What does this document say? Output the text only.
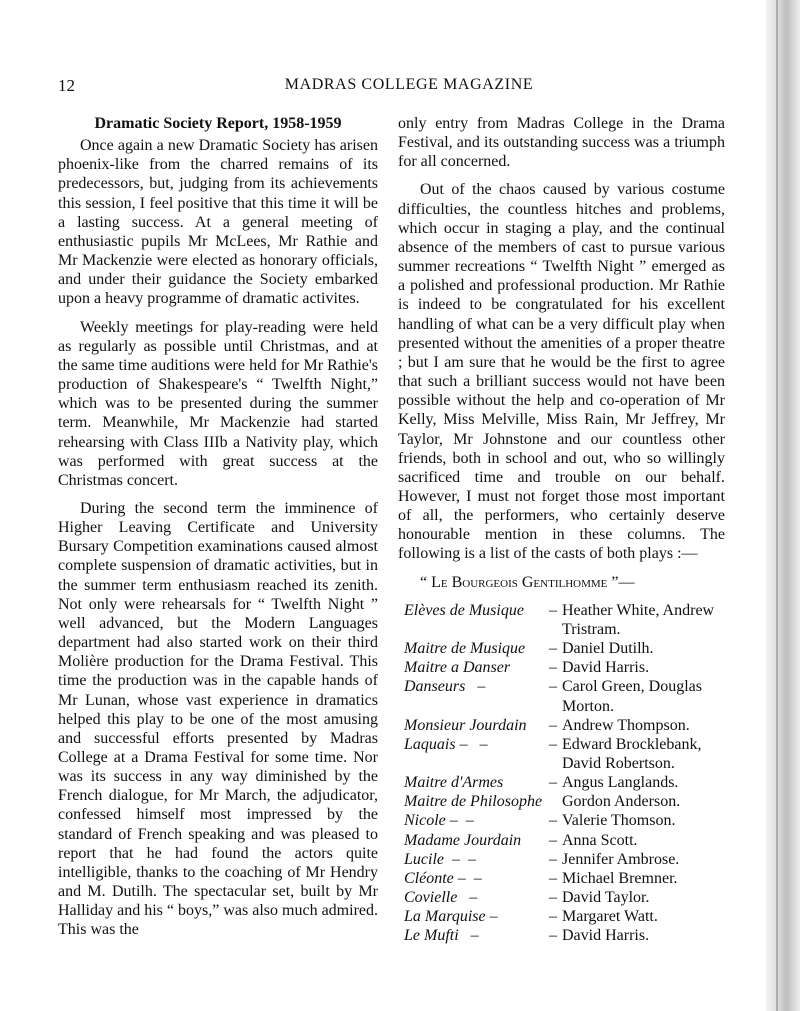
12	MADRAS COLLEGE MAGAZINE
Dramatic Society Report, 1958-1959

Once again a new Dramatic Society has arisen phoenix-like from the charred remains of its predecessors, but, judging from its achievements this session, I feel positive that this time it will be a lasting success. At a general meeting of enthusiastic pupils Mr McLees, Mr Rathie and Mr Mackenzie were elected as honorary officials, and under their guidance the Society embarked upon a heavy programme of dramatic activites.

Weekly meetings for play-reading were held as regularly as possible until Christmas, and at the same time auditions were held for Mr Rathie's production of Shakespeare's “ Twelfth Night,” which was to be presented during the summer term. Meanwhile, Mr Mackenzie had started rehearsing with Class IIIb a Nativity play, which was performed with great success at the Christmas concert.

During the second term the imminence of Higher Leaving Certificate and University Bursary Competition examinations caused almost complete suspension of dramatic activities, but in the summer term enthusiasm reached its zenith. Not only were rehearsals for “ Twelfth Night ” well advanced, but the Modern Languages department had also started work on their third Molière production for the Drama Festival. This time the production was in the capable hands of Mr Lunan, whose vast experience in dramatics helped this play to be one of the most amusing and successful efforts presented by Madras College at a Drama Festival for some time. Nor was its success in any way diminished by the French dialogue, for Mr March, the adjudicator, confessed himself most impressed by the standard of French speaking and was pleased to report that he had found the actors quite intelligible, thanks to the coaching of Mr Hendry and M. Dutilh. The spectacular set, built by Mr Halliday and his “ boys,” was also much admired. This was the

only entry from Madras College in the Drama Festival, and its outstanding success was a triumph for all concerned.

Out of the chaos caused by various costume difficulties, the countless hitches and problems, which occur in staging a play, and the continual absence of the members of cast to pursue various summer recreations “ Twelfth Night ” emerged as a polished and professional production. Mr Rathie is indeed to be congratulated for his excellent handling of what can be a very difficult play when presented without the amenities of a proper theatre ; but I am sure that he would be the first to agree that such a brilliant success would not have been possible without the help and co-operation of Mr Kelly, Miss Melville, Miss Rain, Mr Jeffrey, Mr Taylor, Mr Johnstone and our countless other friends, both in school and out, who so willingly sacrificed time and trouble on our behalf. However, I must not forget those most important of all, the performers, who certainly deserve honourable mention in these columns. The following is a list of the casts of both plays :—

“ Le Bourgeois Gentilhomme ”—

Elèves de Musique	–	Heather White, Andrew Tristram.
Maitre de Musique	–	Daniel Dutilh.
Maitre a Danser	–	David Harris.
Danseurs   –	–	Carol Green, Douglas Morton.
Monsieur Jourdain	–	Andrew Thompson.
Laquais –   –	–	Edward Brocklebank, David Robertson.
Maitre d'Armes	–	Angus Langlands.
Maitre de Philosophe		Gordon Anderson.
Nicole –  –	–	Valerie Thomson.
Madame Jourdain	–	Anna Scott.
Lucile  –  –	–	Jennifer Ambrose.
Cléonte –  –	–	Michael Bremner.
Covielle   –	–	David Taylor.
La Marquise –	–	Margaret Watt.
Le Mufti   –	–	David Harris.
